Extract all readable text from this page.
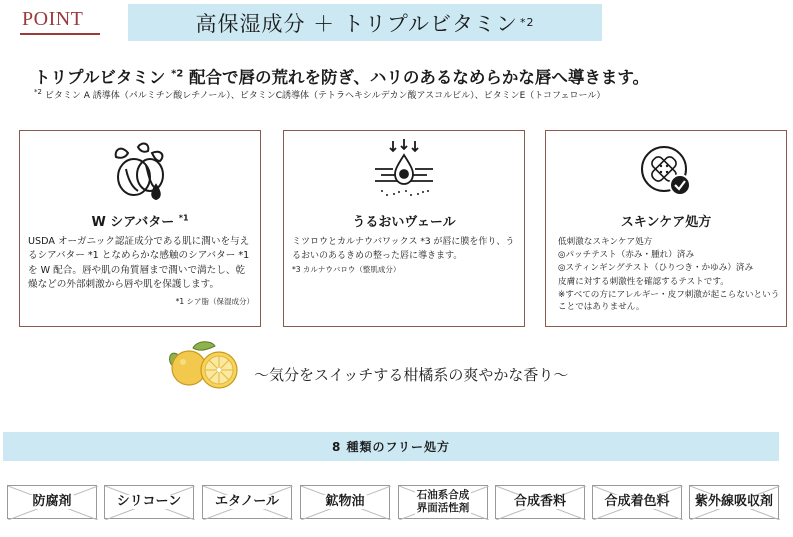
POINT	高保湿成分 ＋ トリプルビタミン *2
トリプルビタミン $^{*2}$ 配合で唇の荒れを防ぎ、ハリのあるなめらかな唇へ導きます。
$^{*2}$ ビタミン A 誘導体（パルミチン酸レチノール）、ビタミンC誘導体（テトラヘキシルデカン酸アスコルビル）、ビタミンE（トコフェロール）
W シアバター $^{*1}$
USDA オーガニック認証成分である肌に潤いを与えるシアバター *1 となめらかな感触のシアバター *1 を W 配合。唇や肌の角質層まで潤いで満たし、乾燥などの外部刺激から唇や肌を保護します。
*1 シア脂（保湿成分）
うるおいヴェール
ミツロウとカルナウバワックス *3 が唇に膜を作り、うるおいのあるきめの整った唇に導きます。
*3 カルナウバロウ（整肌成分）
スキンケア処方
低刺激なスキンケア処方
◎パッチテスト（赤み・腫れ）済み
◎スティンギングテスト（ひりつき・かゆみ）済み
皮膚に対する刺激性を確認するテストです。
※すべての方にアレルギー・皮フ刺激が起こらないということではありません。
～気分をスイッチする柑橘系の爽やかな香り～
8 種類のフリー処方
防腐剤	シリコーン	エタノール	鉱物油	石油系合成
界面活性剤	合成香料	合成着色料 紫外線吸収剤
